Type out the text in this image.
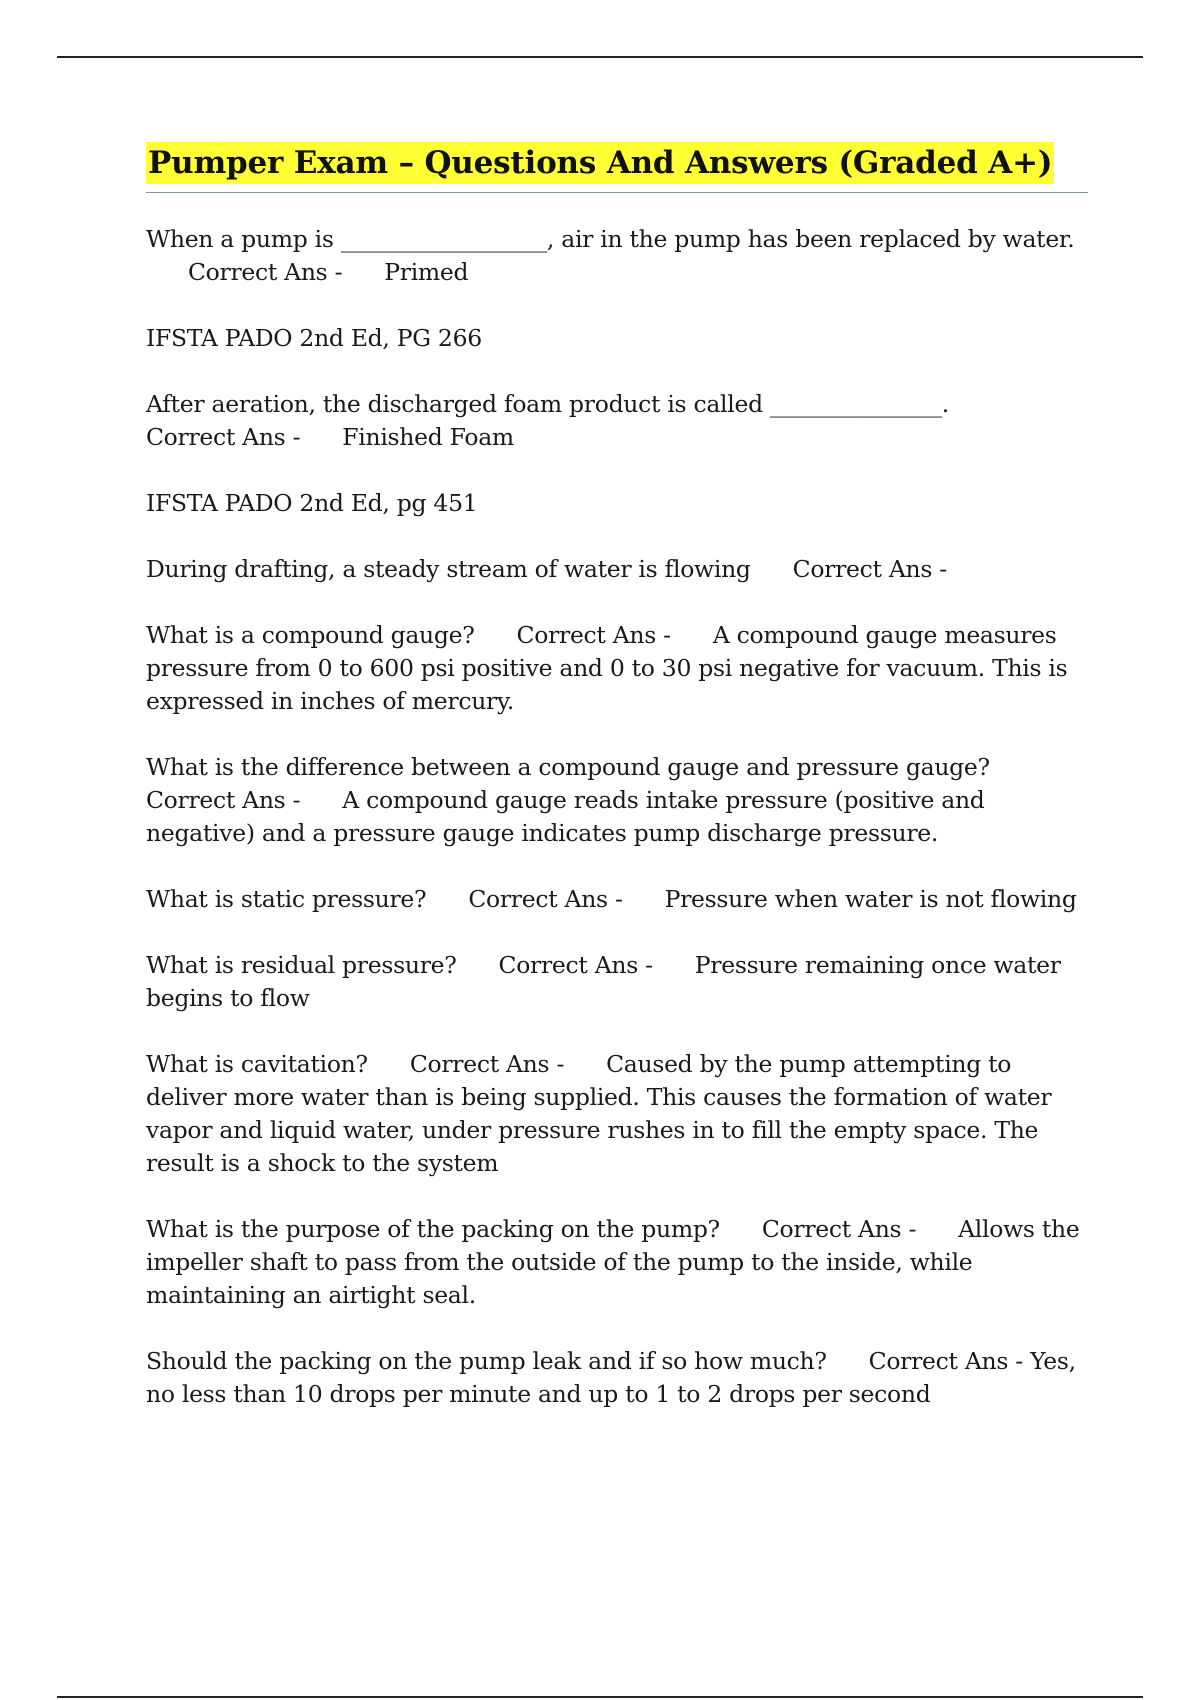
Pumper Exam – Questions And Answers (Graded A+)

When a pump is __________________, air in the pump has been replaced by water.Correct Ans - Primed

IFSTA PADO 2nd Ed, PG 266

After aeration, the discharged foam product is called _______________. Correct Ans - Finished Foam

IFSTA PADO 2nd Ed, pg 451

During drafting, a steady stream of water is flowing Correct Ans -

What is a compound gauge? Correct Ans - A compound gauge measures pressure from 0 to 600 psi positive and 0 to 30 psi negative for vacuum. This is expressed in inches of mercury.

What is the difference between a compound gauge and pressure gauge? Correct Ans - A compound gauge reads intake pressure (positive and negative) and a pressure gauge indicates pump discharge pressure.

What is static pressure? Correct Ans - Pressure when water is not flowing

What is residual pressure? Correct Ans - Pressure remaining once water begins to flow

What is cavitation? Correct Ans - Caused by the pump attempting to deliver more water than is being supplied. This causes the formation of water vapor and liquid water, under pressure rushes in to fill the empty space. The result is a shock to the system

What is the purpose of the packing on the pump? Correct Ans - Allows the impeller shaft to pass from the outside of the pump to the inside, while maintaining an airtight seal.

Should the packing on the pump leak and if so how much? Correct Ans - Yes, no less than 10 drops per minute and up to 1 to 2 drops per second
